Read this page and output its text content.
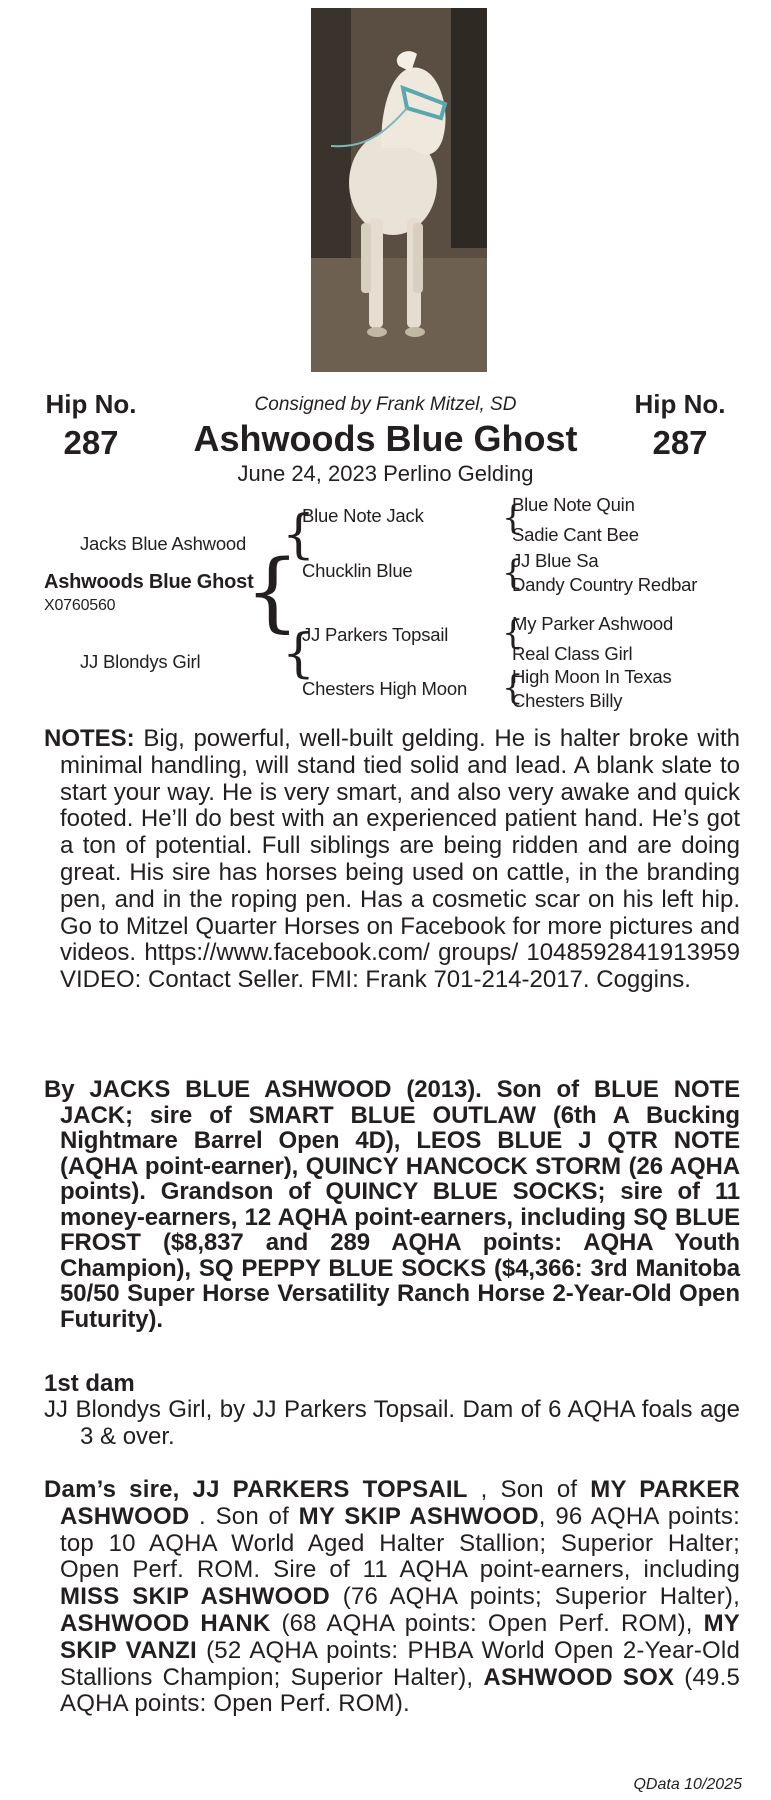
Hip No.
287
Hip No.
287
Consigned by Frank Mitzel, SD
Ashwoods Blue Ghost
June 24, 2023 Perlino Gelding
Jacks Blue Ashwood
Ashwoods Blue Ghost
X0760560
JJ Blondys Girl
{
{
{
Blue Note Jack
Chucklin Blue
JJ Parkers Topsail
Chesters High Moon
{
{
{
{
Blue Note Quin
Sadie Cant Bee
JJ Blue Sa
Dandy Country Redbar
My Parker Ashwood
Real Class Girl
High Moon In Texas
Chesters Billy

NOTES: Big, powerful, well-built gelding. He is halter broke with minimal handling, will stand tied solid and lead. A blank slate to start your way. He is very smart, and also very awake and quick footed. He’ll do best with an experienced patient hand. He’s got a ton of potential. Full siblings are being ridden and are doing great. His sire has horses being used on cattle, in the branding pen, and in the roping pen. Has a cosmetic scar on his left hip. Go to Mitzel Quarter Horses on Facebook for more pictures and videos. https://www.facebook.com/ groups/ 1048592841913959 VIDEO: Contact Seller. FMI: Frank 701-214-2017. Coggins.

By JACKS BLUE ASHWOOD (2013). Son of BLUE NOTE JACK; sire of SMART BLUE OUTLAW (6th A Bucking Nightmare Barrel Open 4D), LEOS BLUE J QTR NOTE (AQHA point-earner), QUINCY HANCOCK STORM (26 AQHA points). Grandson of QUINCY BLUE SOCKS; sire of 11 money-earners, 12 AQHA point-earners, including SQ BLUE FROST ($8,837 and 289 AQHA points: AQHA Youth Champion), SQ PEPPY BLUE SOCKS ($4,366: 3rd Manitoba 50/50 Super Horse Versatility Ranch Horse 2-Year-Old Open Futurity).

1st dam

JJ Blondys Girl, by JJ Parkers Topsail. Dam of 6 AQHA foals age 3 & over.

Dam’s sire, JJ PARKERS TOPSAIL , Son of MY PARKER ASHWOOD . Son of MY SKIP ASHWOOD, 96 AQHA points: top 10 AQHA World Aged Halter Stallion; Superior Halter; Open Perf. ROM. Sire of 11 AQHA point-earners, including MISS SKIP ASHWOOD (76 AQHA points; Superior Halter), ASHWOOD HANK (68 AQHA points: Open Perf. ROM), MY SKIP VANZI (52 AQHA points: PHBA World Open 2-Year-Old Stallions Champion; Superior Halter), ASHWOOD SOX (49.5 AQHA points: Open Perf. ROM).

QData 10/2025
